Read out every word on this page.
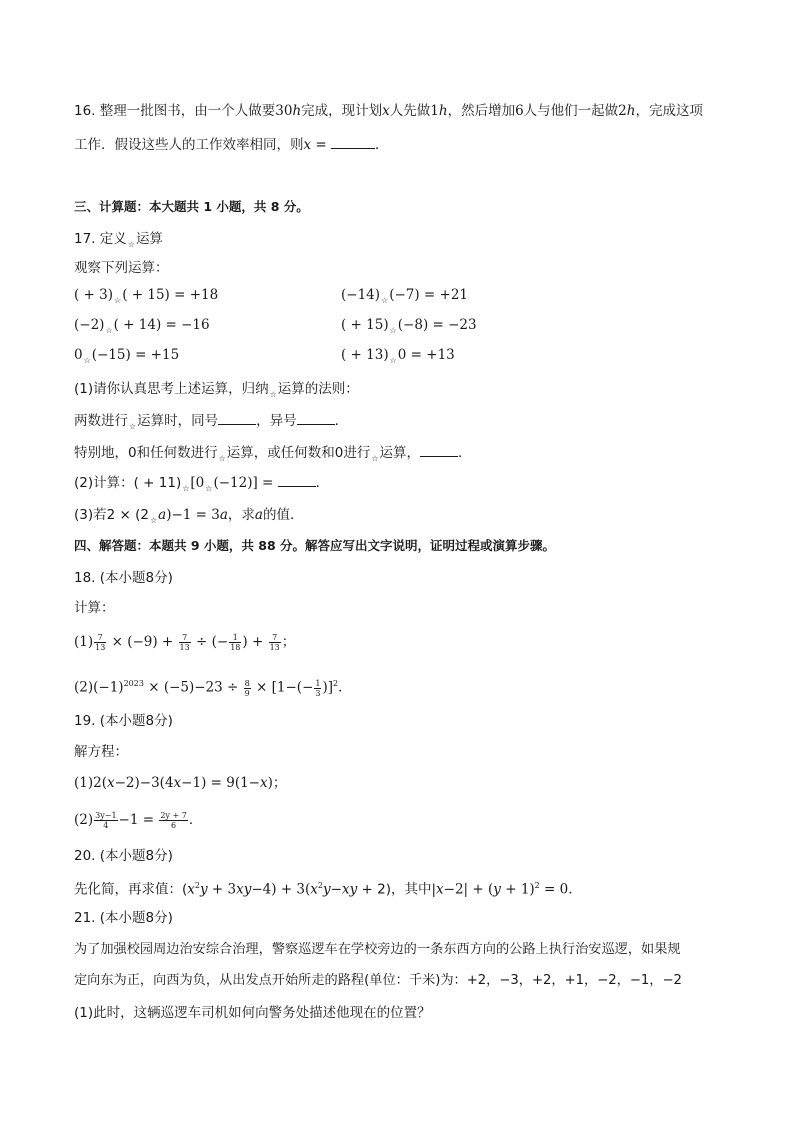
16. 整理一批图书，由一个人做要30h完成，现计划x人先做1h，然后增加6人与他们一起做2h，完成这项
工作．假设这些人的工作效率相同，则x =	．
三、计算题：本大题共 1 小题，共 8 分。
17. 定义$_☆$运算
观察下列运算：
( + $3)_☆( + 15) = +18$	$(-14)_☆(-7) = +21$
$(-2)_☆( + 14) = -16$	( + $15)_☆(-8) = -23$
$0_☆(-15) = +15$	( + $13)_☆0 = +13$
(1)请你认真思考上述运算，归纳$_☆$运算的法则：
两数进行$_☆$运算时，同号	，异号	．
特别地，0和任何数进行$_☆$运算，或任何数和0进行$_☆$运算，	．
(2)计算：( + $11)_☆[0_☆(-12)]$ =	．
(3)若$2 \times (2_☆a)-1 = 3a$，求a的值．
四、解答题：本题共 9 小题，共 88 分。解答应写出文字说明，证明过程或演算步骤。
18. (本小题8分)
计算：
$(1) \frac{7}{13} \times (-9) + \frac{7}{13}$ ÷ (− $\frac{1}{18}$ ) + $\frac{7}{13}$ ；
$(2)(-1)^{2023} \times (-5)-23 \div \frac{8}{9} \times [1-(- \frac{1}{3} )]^2$．
19. (本小题8分)
解方程：
(1)2(x−2)−3(4x−1) = 9(1−x)；
$(2) \frac{3y-1}{4} -1 = \frac{2y + 7}{6}$ ．
20. (本小题8分)
先化简，再求值：$(x^2y + 3xy-4) + 3(x^2y-xy + 2)$，其中$|x-2| + (y + 1)^2 = 0$.
21. (本小题8分)
为了加强校园周边治安综合治理，警察巡逻车在学校旁边的一条东西方向的公路上执行治安巡逻，如果规
定向东为正，向西为负，从出发点开始所走的路程(单位：千米)为：+2，−3，+2，+1，−2，−1，−2
(1)此时，这辆巡逻车司机如何向警务处描述他现在的位置？
